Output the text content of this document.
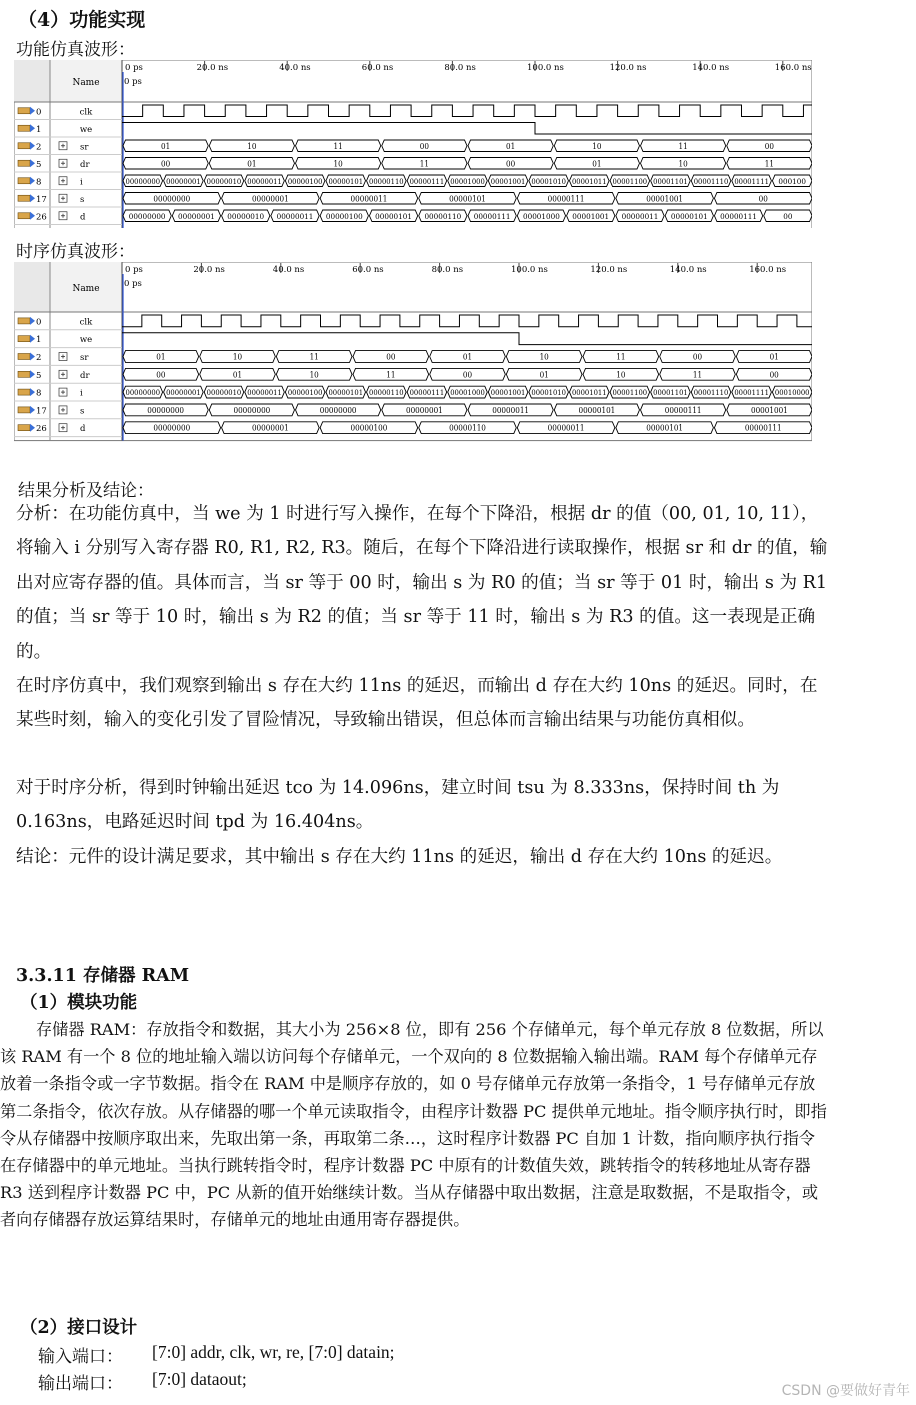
（4）功能实现
功能仿真波形：
Name
0 ps	20.0 ns	40.0 ns	60.0 ns	80.0 ns	100.0 ns	120.0 ns	140.0 ns	160.0 ns
0 ps
0	clk
1	we
2	sr	01	10	11	00	01	10	11	00
5	dr	00	01	10	11	00	01	10	11
8	i	00000000 00000001 00000010 00000011 00000100 00000101 00000110 00000111 00001000 00001001 00001010 00001011 00001100 00001101 00001110 00001111 000100
17	s	00000000	00000001	00000011	00000101	00000111	00001001	00
26	d	00000000 00000001 00000010 00000011 00000100 00000101 00000110 00000111 00001000 00001001 00000011 00000101 00000111	00
时序仿真波形：
Name
0 ps	20.0 ns	40.0 ns	60.0 ns	80.0 ns	100.0 ns	120.0 ns	140.0 ns	160.0 ns
0 ps
0	clk
1	we
2	sr	01	10	11	00	01	10	11	00	01
5	dr	00	01	10	11	00	01	10	11	00
8	i	00000000 00000001 00000010 00000011 00000100 00000101 00000110 00000111 00001000 00001001 00001010 00001011 00001100 00001101 00001110 00001111 00010000
17	s	00000000	00000000	00000000	00000001	00000011	00000101	00000111	00001001
26	d	00000000	00000001	00000100	00000110	00000011	00000101	00000111
结果分析及结论：
分析：在功能仿真中，当 we 为 1 时进行写入操作，在每个下降沿，根据 dr 的值（00, 01, 10, 11），将输入 i 分别写入寄存器 R0, R1, R2, R3。随后，在每个下降沿进行读取操作，根据 sr 和 dr 的值，输出对应寄存器的值。具体而言，当 sr 等于 00 时，输出 s 为 R0 的值；当 sr 等于 01 时，输出 s 为 R1 的值；当 sr 等于 10 时，输出 s 为 R2 的值；当 sr 等于 11 时，输出 s 为 R3 的值。这一表现是正确的。
在时序仿真中，我们观察到输出 s 存在大约 11ns 的延迟，而输出 d 存在大约 10ns 的延迟。同时，在某些时刻，输入的变化引发了冒险情况，导致输出错误，但总体而言输出结果与功能仿真相似。
对于时序分析，得到时钟输出延迟 tco 为 14.096ns，建立时间 tsu 为 8.333ns，保持时间 th 为 0.163ns，电路延迟时间 tpd 为 16.404ns。
结论：元件的设计满足要求，其中输出 s 存在大约 11ns 的延迟，输出 d 存在大约 10ns 的延迟。
3.3.11 存储器 RAM
（1）模块功能
存储器 RAM：存放指令和数据，其大小为 256×8 位，即有 256 个存储单元，每个单元存放 8 位数据，所以该 RAM 有一个 8 位的地址输入端以访问每个存储单元，一个双向的 8 位数据输入输出端。RAM 每个存储单元存放着一条指令或一字节数据。指令在 RAM 中是顺序存放的，如 0 号存储单元存放第一条指令，1 号存储单元存放第二条指令，依次存放。从存储器的哪一个单元读取指令，由程序计数器 PC 提供单元地址。指令顺序执行时，即指令从存储器中按顺序取出来，先取出第一条，再取第二条…，这时程序计数器 PC 自加 1 计数，指向顺序执行指令在存储器中的单元地址。当执行跳转指令时，程序计数器 PC 中原有的计数值失效，跳转指令的转移地址从寄存器 R3 送到程序计数器 PC 中，PC 从新的值开始继续计数。当从存储器中取出数据，注意是取数据，不是取指令，或者向存储器存放运算结果时，存储单元的地址由通用寄存器提供。
（2）接口设计
输入端口： [7:0] addr, clk, wr, re, [7:0] datain;
输出端口： [7:0] dataout;
CSDN @要做好青年
